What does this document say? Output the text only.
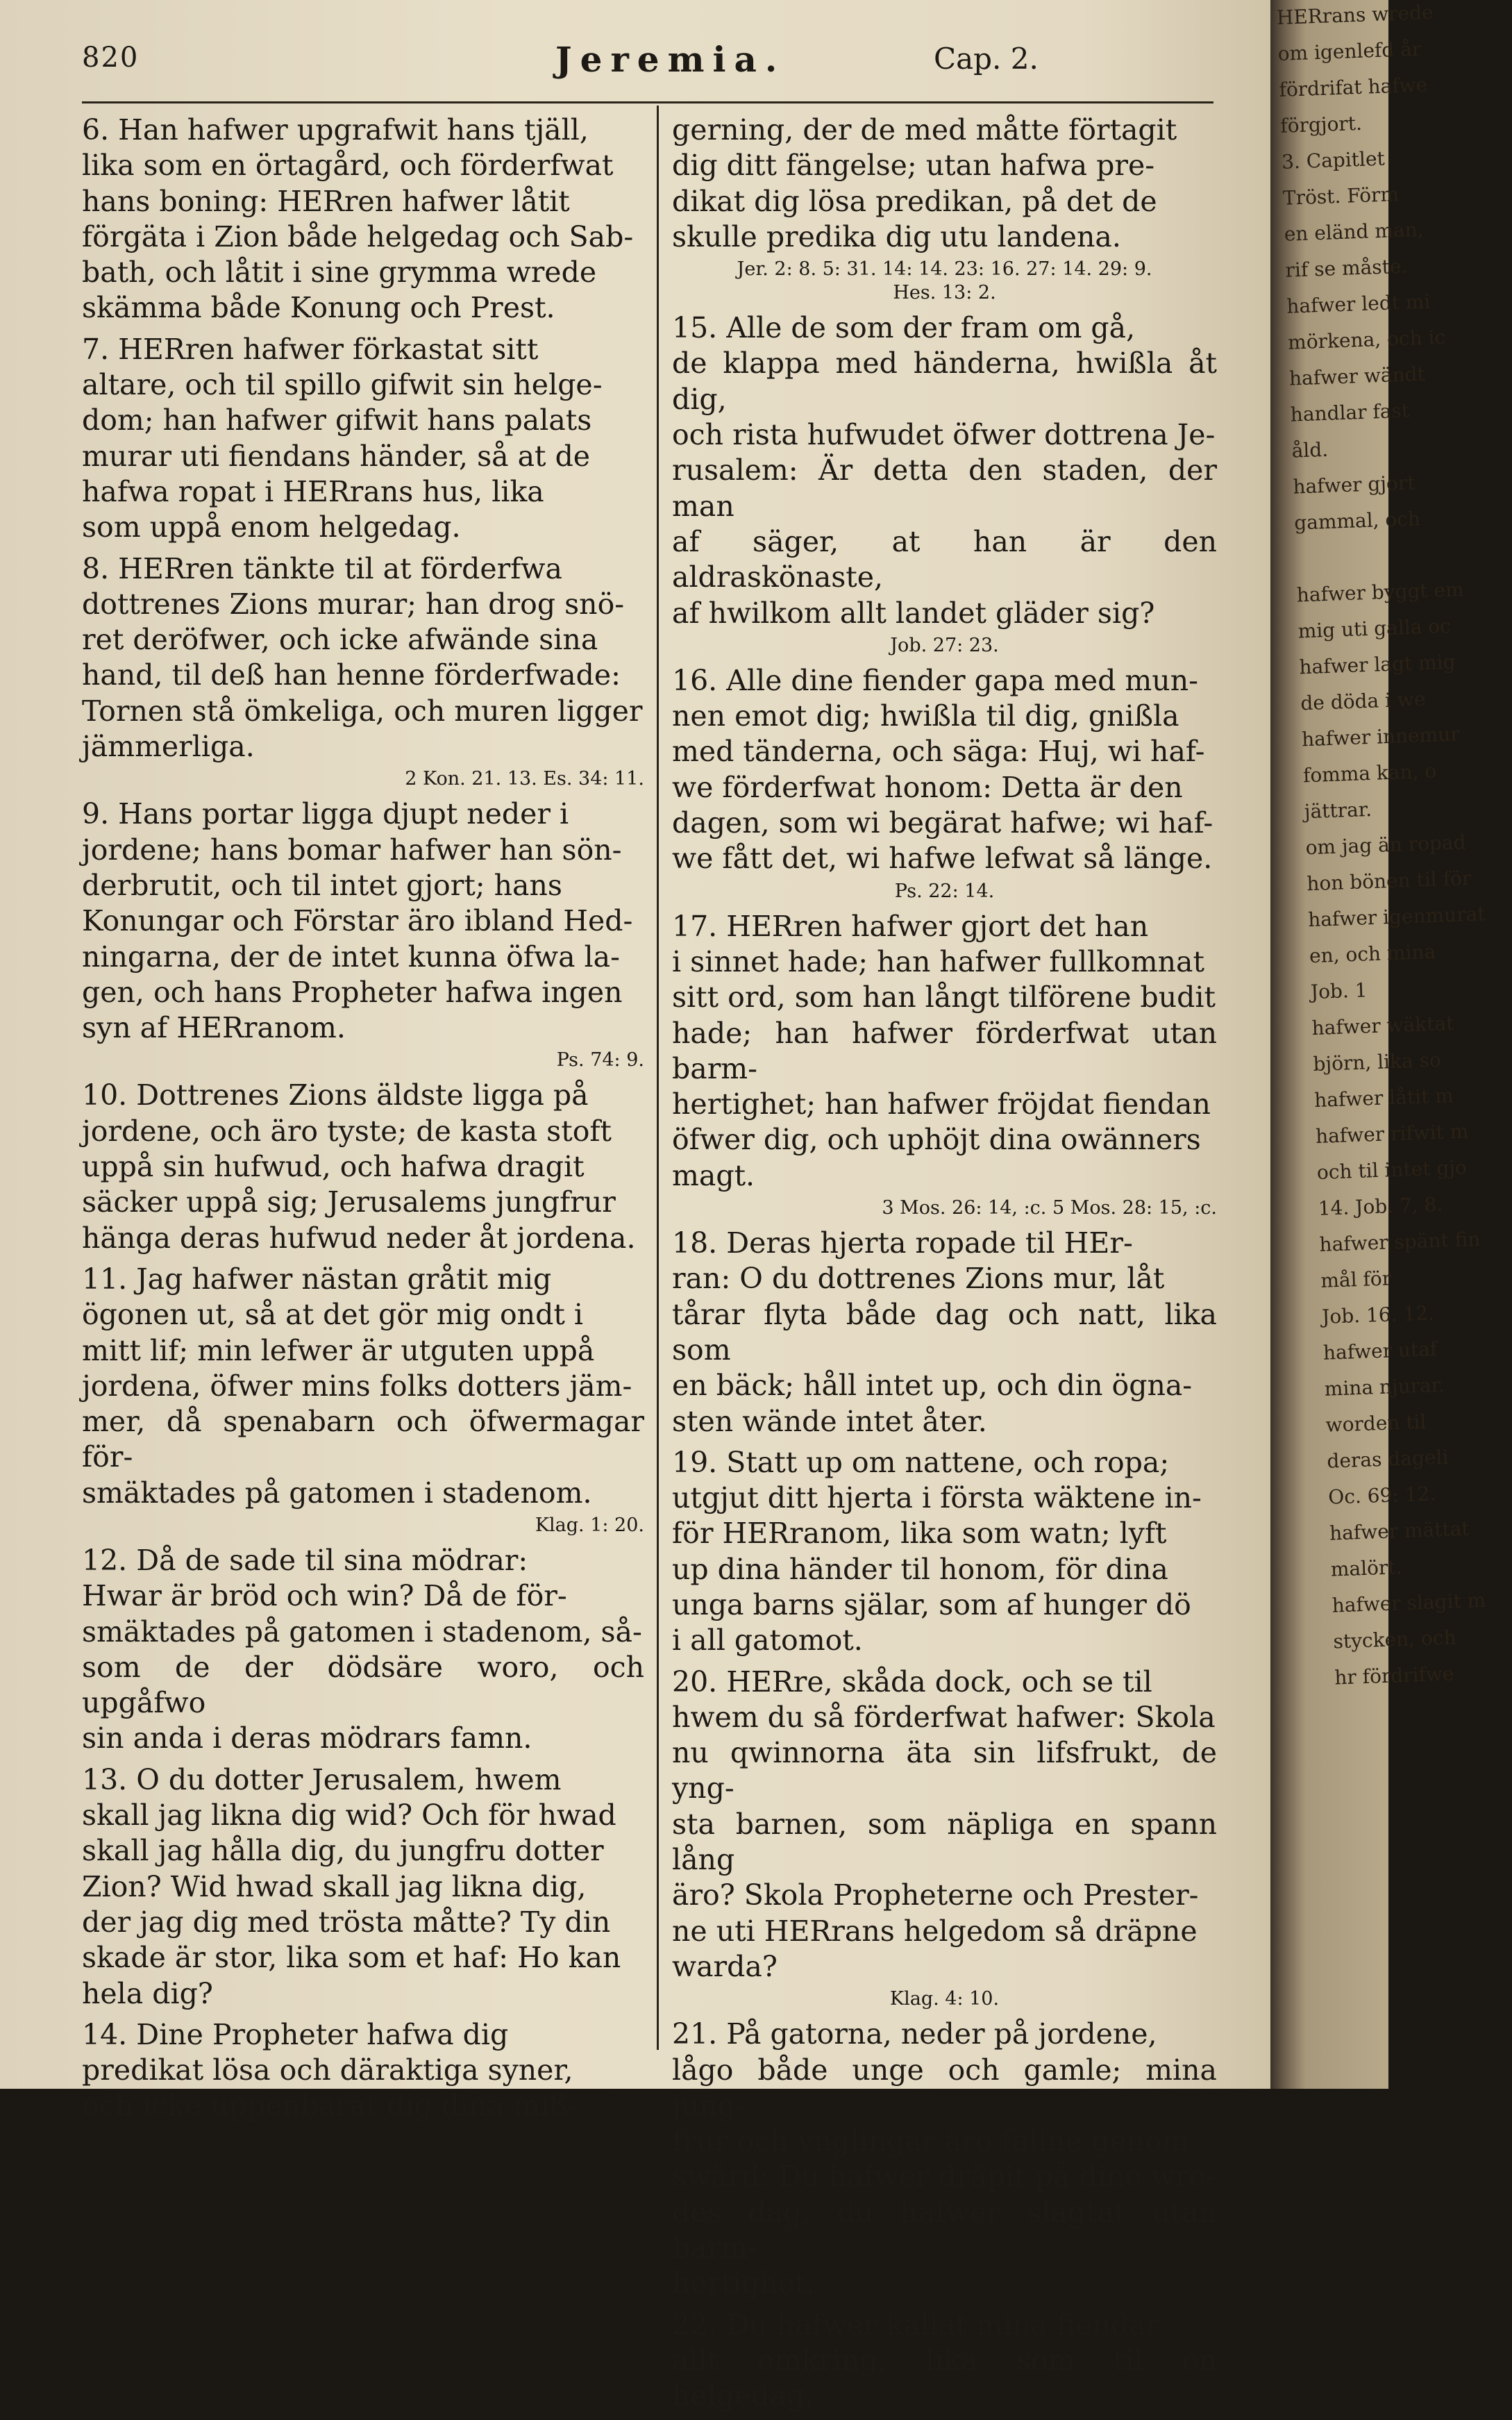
820	Jeremia.	Cap. 2.

6. Han hafwer upgrafwit hans tjäll,
lika som en örtagård, och förderfwat
hans boning: HERren hafwer låtit
förgäta i Zion både helgedag och Sab-
bath, och låtit i sine grymma wrede
skämma både Konung och Prest.

7. HERren hafwer förkastat sitt
altare, och til spillo gifwit sin helge-
dom; han hafwer gifwit hans palats
murar uti fiendans händer, så at de
hafwa ropat i HERrans hus, lika
som uppå enom helgedag.

8. HERren tänkte til at förderfwa
dottrenes Zions murar; han drog snö-
ret deröfwer, och icke afwände sina
hand, til deß han henne förderfwade:
Tornen stå ömkeliga, och muren ligger
jämmerliga.

2 Kon. 21. 13. Es. 34: 11.

9. Hans portar ligga djupt neder i
jordene; hans bomar hafwer han sön-
derbrutit, och til intet gjort; hans
Konungar och Förstar äro ibland Hed-
ningarna, der de intet kunna öfwa la-
gen, och hans Propheter hafwa ingen
syn af HERranom.

Ps. 74: 9.

10. Dottrenes Zions äldste ligga på
jordene, och äro tyste; de kasta stoft
uppå sin hufwud, och hafwa dragit
säcker uppå sig; Jerusalems jungfrur
hänga deras hufwud neder åt jordena.

11. Jag hafwer nästan gråtit mig
ögonen ut, så at det gör mig ondt i
mitt lif; min lefwer är utguten uppå
jordena, öfwer mins folks dotters jäm-
mer, då spenabarn och öfwermagar för-
smäktades på gatomen i stadenom.

Klag. 1: 20.

12. Då de sade til sina mödrar:
Hwar är bröd och win? Då de för-
smäktades på gatomen i stadenom, så-
som de der dödsäre woro, och upgåfwo
sin anda i deras mödrars famn.

13. O du dotter Jerusalem, hwem
skall jag likna dig wid? Och för hwad
skall jag hålla dig, du jungfru dotter
Zion? Wid hwad skall jag likna dig,
der jag dig med tröstа måtte? Ty din
skade är stor, lika som et haf: Ho kan
hela dig?

14. Dine Propheter hafwa dig
predikat lösa och däraktiga syner,
och icke uppenbarat dig dina miß-

gerning, der de med måtte förtagit
dig ditt fängelse; utan hafwa pre-
dikat dig lösa predikan, på det de
skulle predika dig utu landena.

Jer. 2: 8. 5: 31. 14: 14. 23: 16. 27: 14. 29: 9.
Hes. 13: 2.

15. Alle de som der fram om gå,
de klappa med händerna, hwißla åt dig,
och rista hufwudet öfwer dottrena Je-
rusalem: Är detta den staden, der man
af säger, at han är den aldraskönaste,
af hwilkom allt landet gläder sig?

Job. 27: 23.

16. Alle dine fiender gapa med mun-
nen emot dig; hwißla til dig, gnißla
med tänderna, och säga: Huj, wi haf-
we förderfwat honom: Detta är den
dagen, som wi begärat hafwe; wi haf-
we fått det, wi hafwe lefwat så länge.

Ps. 22: 14.

17. HERren hafwer gjort det han
i sinnet hade; han hafwer fullkomnat
sitt ord, som han långt tilförene budit
hade; han hafwer förderfwat utan barm-
hertighet; han hafwer fröjdat fiendan
öfwer dig, och uphöjt dina owänners
magt.

3 Mos. 26: 14, :c. 5 Mos. 28: 15, :c.

18. Deras hjerta ropade til HEr-
ran: O du dottrenes Zions mur, låt
tårar flyta både dag och natt, lika som
en bäck; håll intet up, och din ögna-
sten wände intet åter.

19. Statt up om nattene, och ropa;
utgjut ditt hjerta i första wäktene in-
för HERranom, lika som watn; lyft
up dina händer til honom, för dina
unga barns själar, som af hunger dö
i all gatomot.

20. HERre, skåda dock, och se til
hwem du så förderfwat hafwer: Skola
nu qwinnorna äta sin lifsfrukt, de yng-
sta barnen, som näpliga en spann lång
äro? Skola Propheterne och Prester-
ne uti HERrans helgedom så dräpne
warda?

Klag. 4: 10.

21. På gatorna, neder på jordene,
lågo både unge och gamle; mina jung-
frur och ynglingar äro fallne genom
swärd: Du hafwer dräpit på dine wre-
des dag, du hafwer slagtat utan barm-
hertighet.

22. Du hafwer kallat mina fiendar
allt omkring, lika som til en helgedag,

HERrans wrede
om igenlefd år
fördrifat hafwe
förgjort.
3. Capitlet
Tröst. Förm
en eländ man,
rif se måste.
hafwer ledt mi
mörkena, och ic
hafwer wändt
handlar fast
åld.
hafwer gjort
gammal, och

hafwer byggt em
mig uti galla oc
hafwer lagt mig
de döda i we
hafwer innemur
fomma kan, o
jättrar.
om jag än ropad
hon bönen til för
hafwer igenmurat
en, och mina
Job. 1
hafwer wäktat
björn, lika so
hafwer låtit m
hafwer rifwit m
och til intet gjo
14. Job. 7, 8.
hafwer spänt fin
mål för
Job. 16. 12.
hafwer utaf
mina njurar.
worden til
deras dageli
Oc. 69: 12.
hafwer mättat
malört.
hafwer slagit m
stycken, och
hr fördrifwe
